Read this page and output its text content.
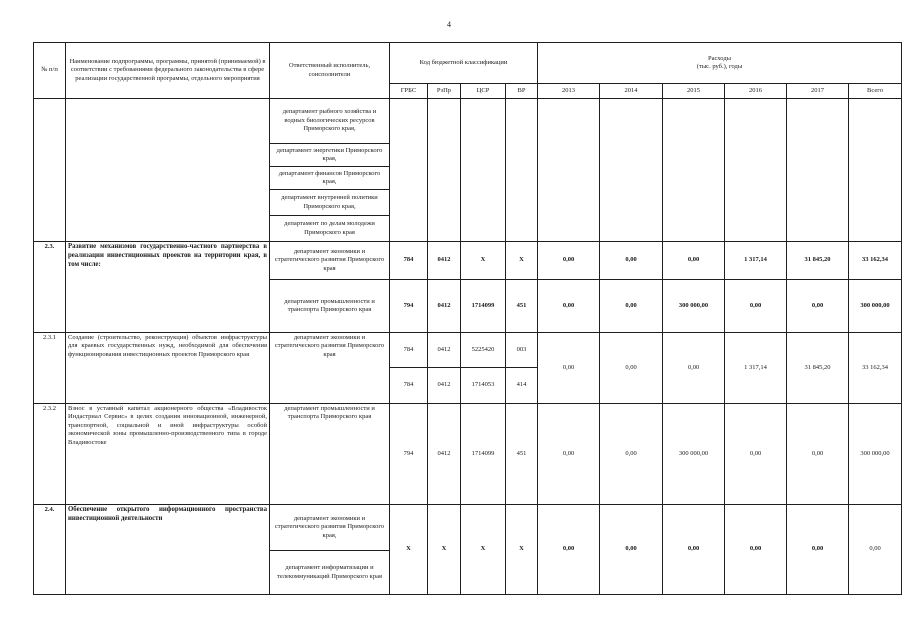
4
№ п/п	Наименование подпрограммы, программы, принятой (принимаемой) в соответствии с требованиями федерального законодательства в сфере реализации государственной программы, отдельного мероприятия	Ответственный исполнитель, соисполнители	Код бюджетной классификации				Расходы
(тыс. руб.), годы					
			ГРБС	РзПр	ЦСР	ВР	2013	2014	2015	2016	2017	Всего
		департамент рыбного хозяйства и водных биологических ресурсов Приморского края,										
		департамент энергетики Приморского края,										
		департамент финансов Приморского края,										
		департамент внутренней политики Приморского края,										
		департамент по делам молодежи Приморского края										
2.3.	Развитие механизмов государственно-частного партнерства в реализации инвестиционных проектов на территории края, в том числе:	департамент экономики и стратегического развития Приморского края	784	0412	X	X	0,00	0,00	0,00	1 317,14	31 845,20	33 162,34
		департамент промышленности и транспорта Приморского края	794	0412	1714099	451	0,00	0,00	300 000,00	0,00	0,00	300 000,00
2.3.1	Создание (строительство, реконструкция) объектов инфраструктуры для краевых государственных нужд, необходимой для обеспечения функционирования инвестиционных проектов Приморского края	департамент экономики и стратегического развития Приморского края	784	0412	5225420	003	0,00	0,00	0,00	1 317,14	31 845,20	33 162,34
			784	0412	1714053	414						
2.3.2	Взнос в уставный капитал акционерного общества «Владивосток Индастриал Сервис» в целях создания инновационной, инженерной, транспортной, социальной и иной инфраструктуры особой экономической зоны промышленно-производственного типа в городе Владивостоке	департамент промышленности и транспорта Приморского края	794	0412	1714099	451	0,00	0,00	300 000,00	0,00	0,00	300 000,00
2.4.	Обеспечение открытого информационного пространства инвестиционной деятельности	департамент экономики и стратегического развития Приморского края,	X	X	X	X	0,00	0,00	0,00	0,00	0,00	0,00
		департамент информатизации и телекоммуникаций Приморского края										
